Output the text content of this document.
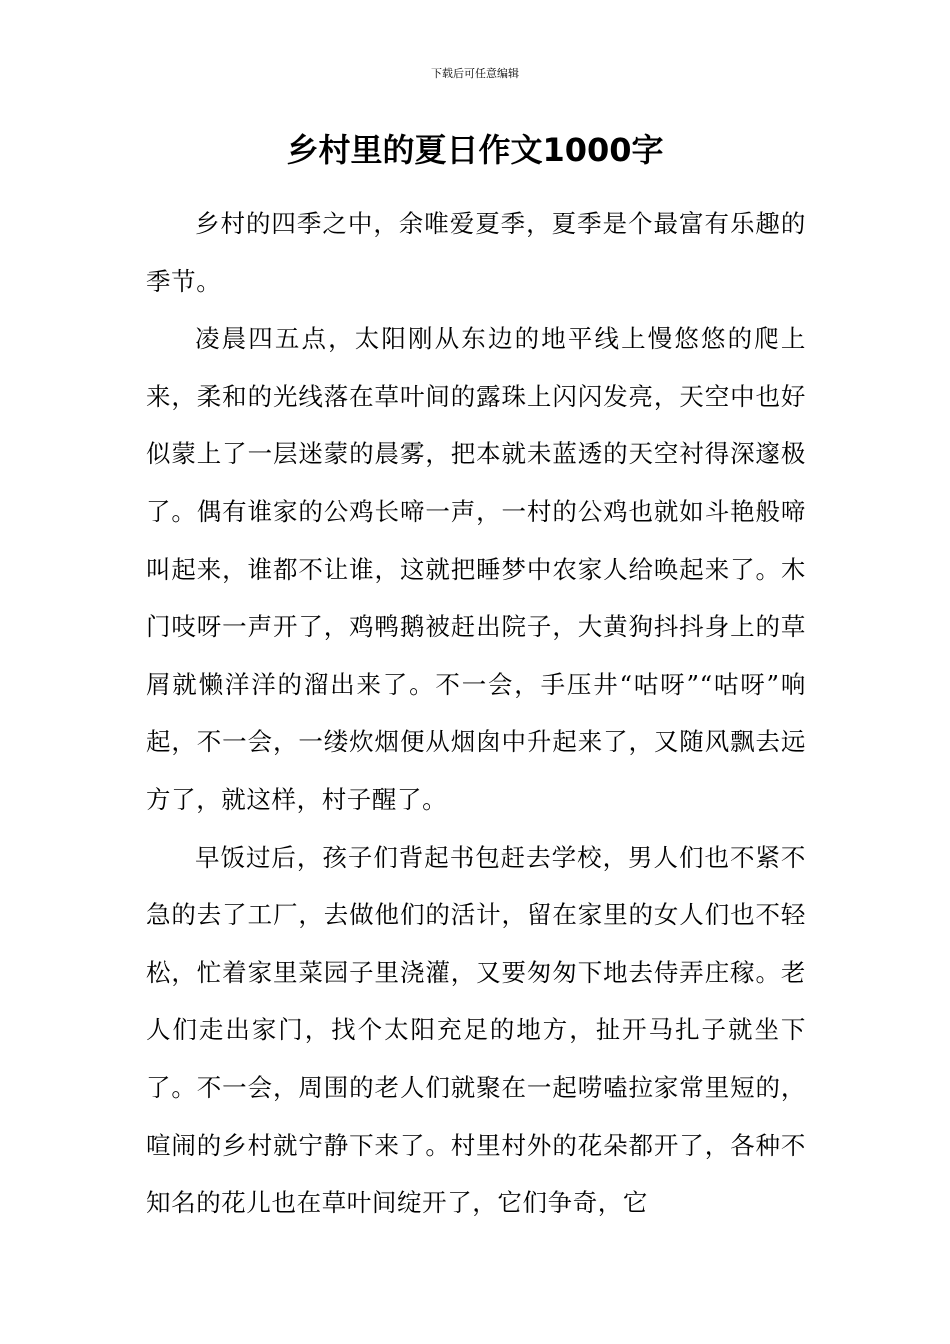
下载后可任意编辑
乡村里的夏日作文1000字

乡村的四季之中，余唯爱夏季，夏季是个最富有乐趣的季节。

凌晨四五点，太阳刚从东边的地平线上慢悠悠的爬上来，柔和的光线落在草叶间的露珠上闪闪发亮，天空中也好似蒙上了一层迷蒙的晨雾，把本就未蓝透的天空衬得深邃极了。偶有谁家的公鸡长啼一声，一村的公鸡也就如斗艳般啼叫起来，谁都不让谁，这就把睡梦中农家人给唤起来了。木门吱呀一声开了，鸡鸭鹅被赶出院子，大黄狗抖抖身上的草屑就懒洋洋的溜出来了。不一会，手压井“咕呀”“咕呀”响起，不一会，一缕炊烟便从烟囱中升起来了，又随风飘去远方了，就这样，村子醒了。

早饭过后，孩子们背起书包赶去学校，男人们也不紧不急的去了工厂，去做他们的活计，留在家里的女人们也不轻松，忙着家里菜园子里浇灌，又要匆匆下地去侍弄庄稼。老人们走出家门，找个太阳充足的地方，扯开马扎子就坐下了。不一会，周围的老人们就聚在一起唠嗑拉家常里短的，喧闹的乡村就宁静下来了。村里村外的花朵都开了，各种不知名的花儿也在草叶间绽开了，它们争奇，它
